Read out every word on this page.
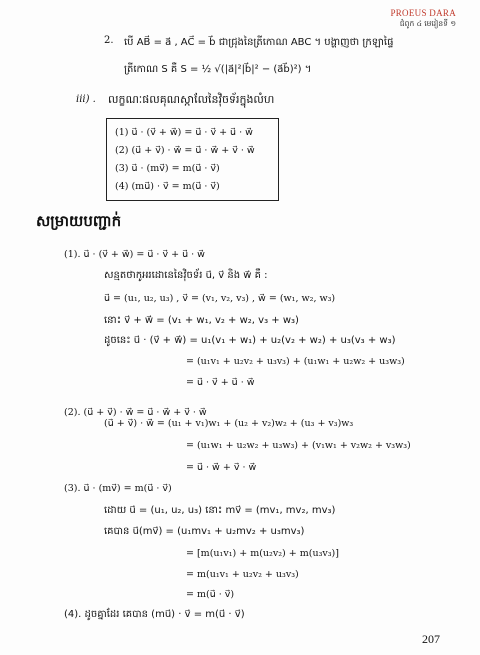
PROEUS DARA
ជំពូក ៤ មេរៀនទី ១
2. បើ AB⃗ = a⃗ , AC⃗ = b⃗ ជាជ្រុងនៃត្រីកោណ ABC ។ បង្ហាញថា ក្រឡាផ្ទៃ
ត្រីកោណ S គឺ S = ½ √(|a⃗|²|b⃗|² − (a⃗b⃗)²) ។
iii) . លក្ខណៈផលគុណស្កាលែនៃវ៉ិចទ័រក្នុងលំហ
(1) u⃗ · (v⃗ + w⃗) = u⃗ · v⃗ + u⃗ · w⃗
(2) (u⃗ + v⃗) · w⃗ = u⃗ · w⃗ + v⃗ · w⃗
(3) u⃗ · (mv⃗) = m(u⃗ · v⃗)
(4) (mu⃗) · v⃗ = m(u⃗ · v⃗)
សម្រាយបញ្ជាក់
(1). u⃗ · (v⃗ + w⃗) = u⃗ · v⃗ + u⃗ · w⃗
សន្មតថាកូអរដោនេនៃវ៉ិចទ័រ u⃗, v⃗ និង w⃗ គឺ :
u⃗ = (u₁, u₂, u₃) , v⃗ = (v₁, v₂, v₃) , w⃗ = (w₁, w₂, w₃)
នោះ v⃗ + w⃗ = (v₁ + w₁, v₂ + w₂, v₃ + w₃)
ដូចនេះ u⃗ · (v⃗ + w⃗) = u₁(v₁ + w₁) + u₂(v₂ + w₂) + u₃(v₃ + w₃)
= (u₁v₁ + u₂v₂ + u₃v₃) + (u₁w₁ + u₂w₂ + u₃w₃)
= u⃗ · v⃗ + u⃗ · w⃗
(2). (u⃗ + v⃗) · w⃗ = u⃗ · w⃗ + v⃗ · w⃗
(u⃗ + v⃗) · w⃗ = (u₁ + v₁)w₁ + (u₂ + v₂)w₂ + (u₃ + v₃)w₃
= (u₁w₁ + u₂w₂ + u₃w₃) + (v₁w₁ + v₂w₂ + v₃w₃)
= u⃗ · w⃗ + v⃗ · w⃗
(3). u⃗ · (mv⃗) = m(u⃗ · v⃗)
ដោយ u⃗ = (u₁, u₂, u₃) នោះ mv⃗ = (mv₁, mv₂, mv₃)
គេបាន u⃗(mv⃗) = (u₁mv₁ + u₂mv₂ + u₃mv₃)
= [m(u₁v₁) + m(u₂v₂) + m(u₃v₃)]
= m(u₁v₁ + u₂v₂ + u₃v₃)
= m(u⃗ · v⃗)
(4). ដូចគ្នាដែរ គេបាន (mu⃗) · v⃗ = m(u⃗ · v⃗)
207
